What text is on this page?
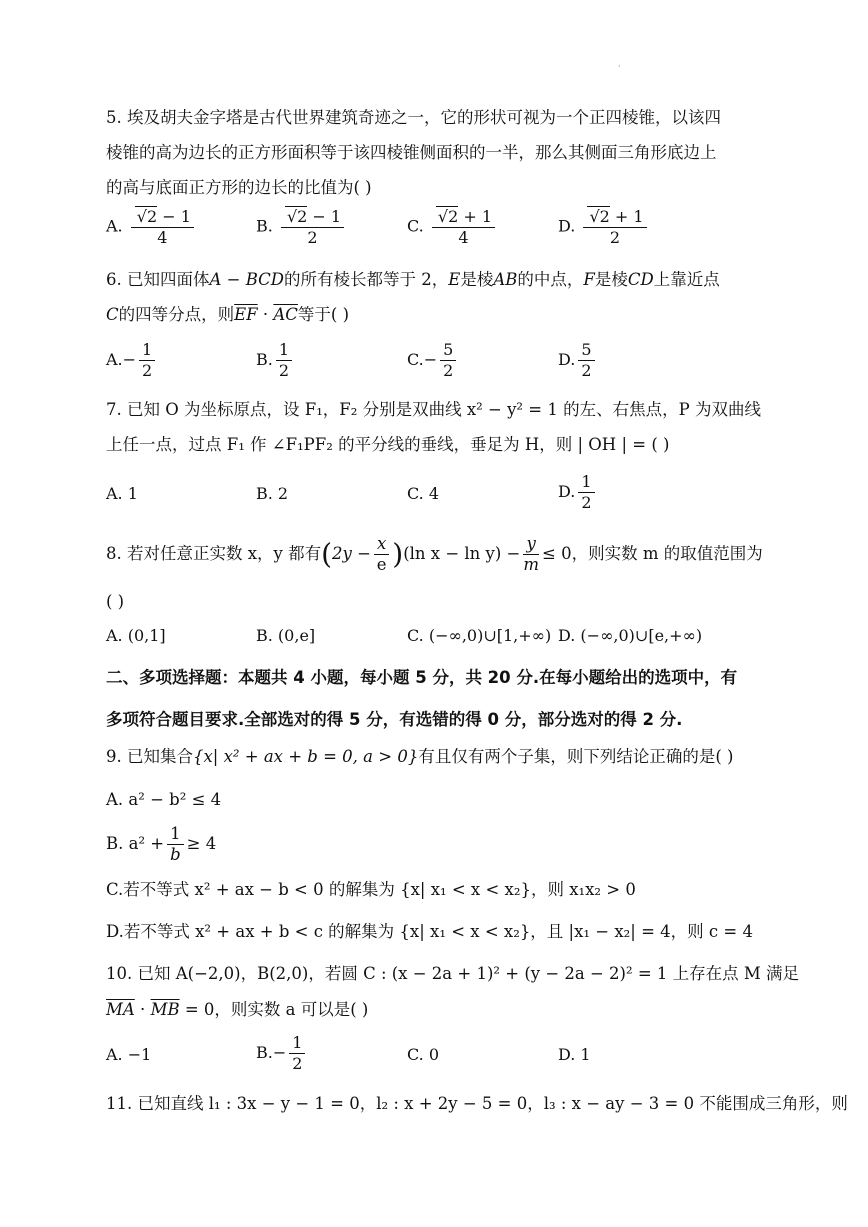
·
5. 埃及胡夫金字塔是古代世界建筑奇迹之一，它的形状可视为一个正四棱锥，以该四
棱锥的高为边长的正方形面积等于该四棱锥侧面积的一半，那么其侧面三角形底边上
的高与底面正方形的边长的比值为( )
A. $\frac{√2 - 1}{4}$	B. $\frac{√2 - 1}{2}$	C. $\frac{√2 + 1}{4}$	D. $\frac{√2 + 1}{2}$
6. 已知四面体A − BCD的所有棱长都等于 2，E是棱AB的中点，F是棱CD上靠近点
C的四等分点，则$\overline{EF} \cdot \overline{AC}$等于( )
$A.- \frac{1}{2}$	B. $\frac{1}{2}$	$C.- \frac{5}{2}$	D. $\frac{5}{2}$
7. 已知 O 为坐标原点，设 F₁，F₂ 分别是双曲线 x² − y² = 1 的左、右焦点，P 为双曲线
上任一点，过点 F₁ 作 ∠F₁PF₂ 的平分线的垂线，垂足为 H，则 | OH | = ( )
A. 1	B. 2	C. 4	D. $\frac{1}{2}$
8. 若对任意正实数 x，y 都有$(2y - \frac{x}{e} )(\ln$ $x - \ln y) - \frac{y}{m} \le 0$，则实数 m 的取值范围为
( )
A. (0,1]	B. (0,e]	C. (−∞,0)∪[1,+∞) D. (−∞,0)∪[e,+∞)
二、多项选择题：本题共 4 小题，每小题 5 分，共 20 分.在每小题给出的选项中，有
多项符合题目要求.全部选对的得 5 分，有选错的得 0 分，部分选对的得 2 分.
9. 已知集合{x| x² + ax + b = 0, a > 0}有且仅有两个子集，则下列结论正确的是( )
A. a² − b² ≤ 4
B. $a^2 + \frac{1}{b} \ge 4$
C.若不等式 x² + ax − b < 0 的解集为 {x| x₁ < x < x₂}，则 x₁x₂ > 0
D.若不等式 x² + ax + b < c 的解集为 {x| x₁ < x < x₂}，且 |x₁ − x₂| = 4，则 c = 4
10. 已知 A(−2,0)，B(2,0)，若圆 C : (x − 2a + 1)² + (y − 2a − 2)² = 1 上存在点 M 满足
$\overline{MA} \cdot \overline{MB} = 0$，则实数 a 可以是( )
A. −1	$B.- \frac{1}{2}$	C. 0	D. 1
11. 已知直线 l₁ : 3x − y − 1 = 0，l₂ : x + 2y − 5 = 0，l₃ : x − ay − 3 = 0 不能围成三角形，则
